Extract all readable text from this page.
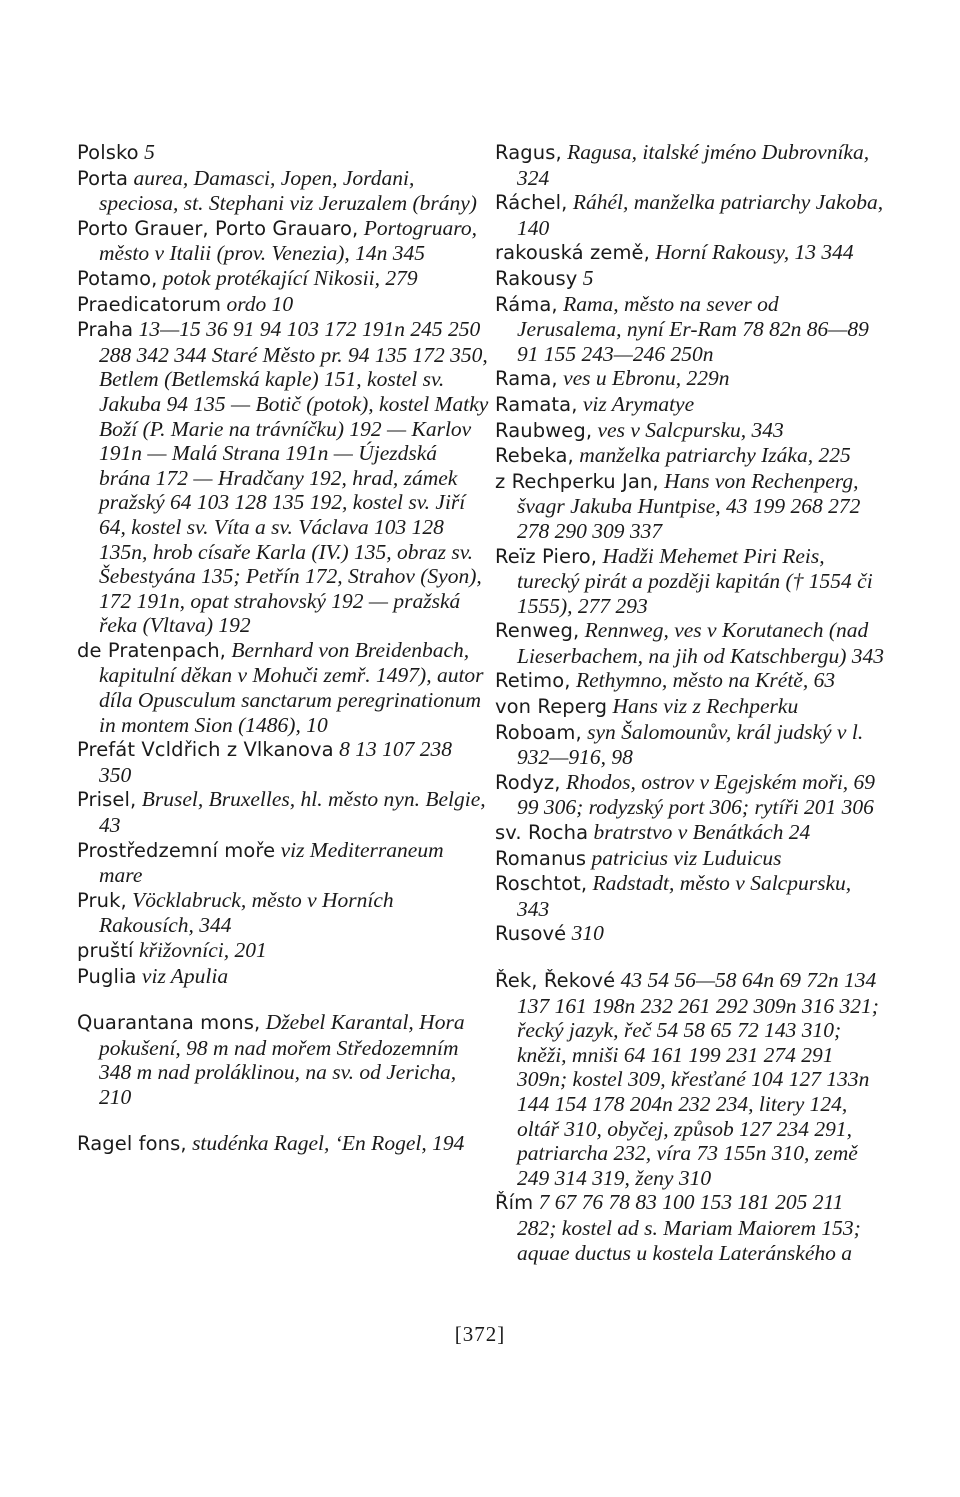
Polsko 5

Porta aurea, Damasci, Jopen, Jordani, speciosa, st. Stephani viz Jeruzalem (brány)

Porto Grauer, Porto Grauaro, Portogruaro, město v Italii (prov. Venezia), 14n 345

Potamo, potok protékající Nikosii, 279

Praedicatorum ordo 10

Praha 13—15 36 91 94 103 172 191n 245 250 288 342 344 Staré Město pr. 94 135 172 350, Betlem (Betlemská kaple) 151, kostel sv. Jakuba 94 135 — Botič (potok), kostel Matky Boží (P. Marie na trávníčku) 192 — Karlov 191n — Malá Strana 191n — Újezdská brána 172 — Hradčany 192, hrad, zámek pražský 64 103 128 135 192, kostel sv. Jiří 64, kostel sv. Víta a sv. Václava 103 128 135n, hrob císaře Karla (IV.) 135, obraz sv. Šebestyána 135; Petřín 172, Strahov (Syon), 172 191n, opat strahovský 192 — pražská řeka (Vltava) 192

de Pratenpach, Bernhard von Breidenbach, kapitulní děkan v Mohuči zemř. 1497), autor díla Opusculum sanctarum peregrinationum in montem Sion (1486), 10

Prefát Vcldřich z Vlkanova 8 13 107 238 350

Prisel, Brusel, Bruxelles, hl. město nyn. Belgie, 43

Prostředzemní moře viz Mediterraneum mare

Pruk, Vöcklabruck, město v Horních Rakousích, 344

pruští křižovníci, 201

Puglia viz Apulia

Quarantana mons, Džebel Karantal, Hora pokušení, 98 m nad mořem Středozemním 348 m nad proláklinou, na sv. od Jericha, 210

Ragel fons, studénka Ragel, ‘En Rogel, 194

Ragus, Ragusa, italské jméno Dubrovníka, 324

Ráchel, Ráhél, manželka patriarchy Jakoba, 140

rakouská země, Horní Rakousy, 13 344

Rakousy 5

Ráma, Rama, město na sever od Jerusalema, nyní Er-Ram 78 82n 86—89 91 155 243—246 250n

Rama, ves u Ebronu, 229n

Ramata, viz Arymatye

Raubweg, ves v Salcpursku, 343

Rebeka, manželka patriarchy Izáka, 225

z Rechperku Jan, Hans von Rechenperg, švagr Jakuba Huntpise, 43 199 268 272 278 290 309 337

Reïz Piero, Hadži Mehemet Piri Reis, turecký pirát a později kapitán († 1554 či 1555), 277 293

Renweg, Rennweg, ves v Korutanech (nad Lieserbachem, na jih od Katschbergu) 343

Retimo, Rethymno, město na Krétě, 63

von Reperg Hans viz z Rechperku

Roboam, syn Šalomounův, král judský v l. 932—916, 98

Rodyz, Rhodos, ostrov v Egejském moři, 69 99 306; rodyzský port 306; rytíři 201 306

sv. Rocha bratrstvo v Benátkách 24

Romanus patricius viz Luduicus

Roschtot, Radstadt, město v Salcpursku, 343

Rusové 310

Řek, Řekové 43 54 56—58 64n 69 72n 134 137 161 198n 232 261 292 309n 316 321; řecký jazyk, řeč 54 58 65 72 143 310; kněži, mniši 64 161 199 231 274 291 309n; kostel 309, křesťané 104 127 133n 144 154 178 204n 232 234, litery 124, oltář 310, obyčej, způsob 127 234 291, patriarcha 232, víra 73 155n 310, země 249 314 319, ženy 310

Řím 7 67 76 78 83 100 153 181 205 211 282; kostel ad s. Mariam Maiorem 153; aquae ductus u kostela Lateránského a

[372]
